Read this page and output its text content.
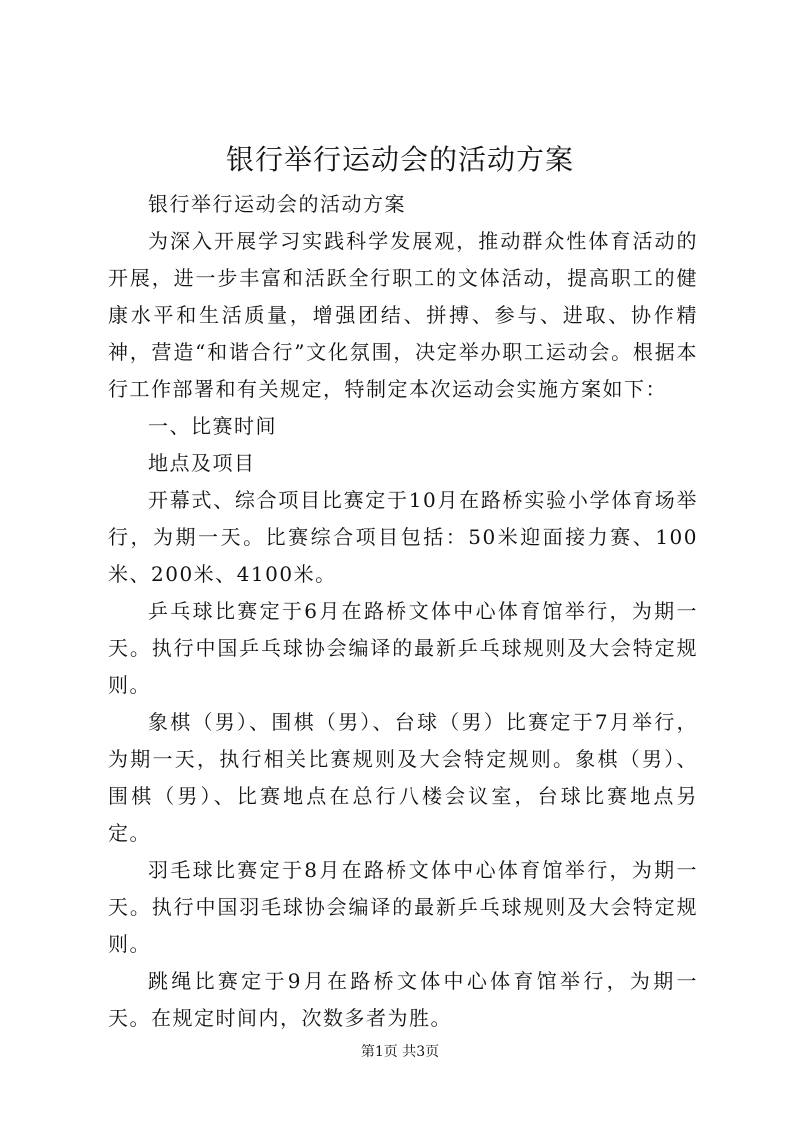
银行举行运动会的活动方案

银行举行运动会的活动方案

为深入开展学习实践科学发展观，推动群众性体育活动的开展，进一步丰富和活跃全行职工的文体活动，提高职工的健康水平和生活质量，增强团结、拼搏、参与、进取、协作精神，营造“和谐合行”文化氛围，决定举办职工运动会。根据本行工作部署和有关规定，特制定本次运动会实施方案如下：

一、比赛时间

地点及项目

开幕式、综合项目比赛定于10月在路桥实验小学体育场举行，为期一天。比赛综合项目包括：50米迎面接力赛、100米、200米、4100米。

乒乓球比赛定于6月在路桥文体中心体育馆举行，为期一天。执行中国乒乓球协会编译的最新乒乓球规则及大会特定规则。

象棋（男）、围棋（男）、台球（男）比赛定于7月举行，为期一天，执行相关比赛规则及大会特定规则。象棋（男）、围棋（男）、比赛地点在总行八楼会议室，台球比赛地点另定。

羽毛球比赛定于8月在路桥文体中心体育馆举行，为期一天。执行中国羽毛球协会编译的最新乒乓球规则及大会特定规则。

跳绳比赛定于9月在路桥文体中心体育馆举行，为期一天。在规定时间内，次数多者为胜。

第1页 共3页
